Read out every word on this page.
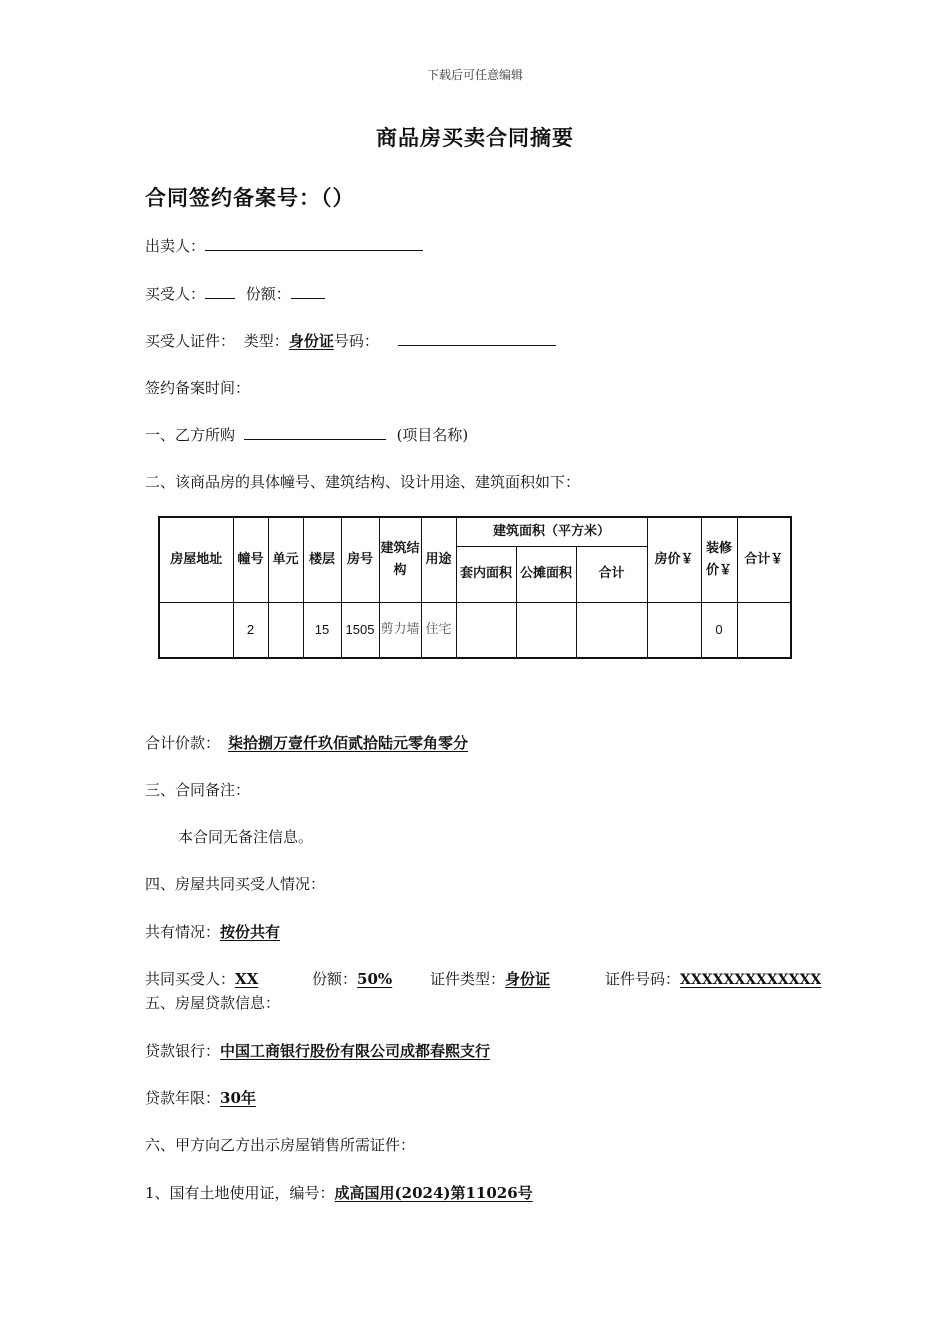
下载后可任意编辑
商品房买卖合同摘要
合同签约备案号：（）
出卖人：
买受人：	份额：
买受人证件： 类型：身份证号码：
签约备案时间：
一、乙方所购	(项目名称)
二、该商品房的具体幢号、建筑结构、设计用途、建筑面积如下：
房屋地址	幢号	单元	楼层	房号	建筑结构	用途	建筑面积（平方米）			房价￥	装修价￥	合计￥
							套内面积	公摊面积	合计			
	2		15	1505	剪力墙	住宅					0	
合计价款： 柒拾捌万壹仟玖佰贰拾陆元零角零分
三、合同备注：
本合同无备注信息。
四、房屋共同买受人情况：
共有情况：按份共有
共同买受人：XX	份额：50%	证件类型：身份证	证件号码：XXXXXXXXXXXXX
五、房屋贷款信息：
贷款银行：中国工商银行股份有限公司成都春熙支行
贷款年限：30年
六、甲方向乙方出示房屋销售所需证件：
1、国有土地使用证，编号：成高国用(2024)第11026号
